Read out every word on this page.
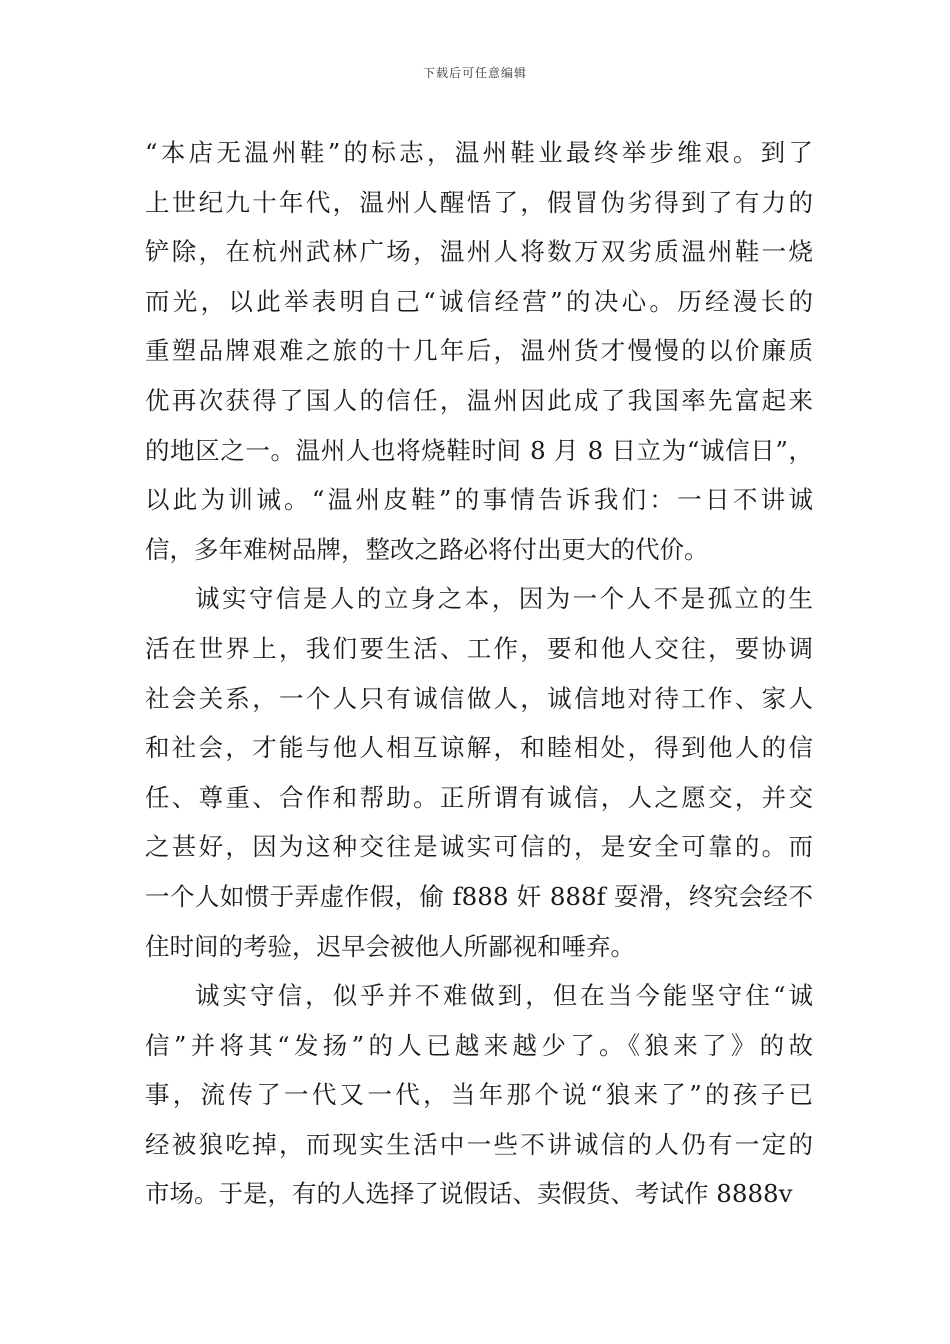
下载后可任意编辑
“本店无温州鞋”的标志，温州鞋业最终举步维艰。到了
上世纪九十年代，温州人醒悟了，假冒伪劣得到了有力的
铲除，在杭州武林广场，温州人将数万双劣质温州鞋一烧
而光，以此举表明自己“诚信经营”的决心。历经漫长的
重塑品牌艰难之旅的十几年后，温州货才慢慢的以价廉质
优再次获得了国人的信任，温州因此成了我国率先富起来
的地区之一。温州人也将烧鞋时间 8 月 8 日立为“诚信日”，
以此为训诫。“温州皮鞋”的事情告诉我们：一日不讲诚
信，多年难树品牌，整改之路必将付出更大的代价。
诚实守信是人的立身之本，因为一个人不是孤立的生
活在世界上，我们要生活、工作，要和他人交往，要协调
社会关系，一个人只有诚信做人，诚信地对待工作、家人
和社会，才能与他人相互谅解，和睦相处，得到他人的信
任、尊重、合作和帮助。正所谓有诚信，人之愿交，并交
之甚好，因为这种交往是诚实可信的，是安全可靠的。而
一个人如惯于弄虚作假，偷 f888 奸 888f 耍滑，终究会经不
住时间的考验，迟早会被他人所鄙视和唾弃。
诚实守信，似乎并不难做到，但在当今能坚守住“诚
信”并将其“发扬”的人已越来越少了。《狼来了》的故
事，流传了一代又一代，当年那个说“狼来了”的孩子已
经被狼吃掉，而现实生活中一些不讲诚信的人仍有一定的
市场。于是，有的人选择了说假话、卖假货、考试作 8888v
